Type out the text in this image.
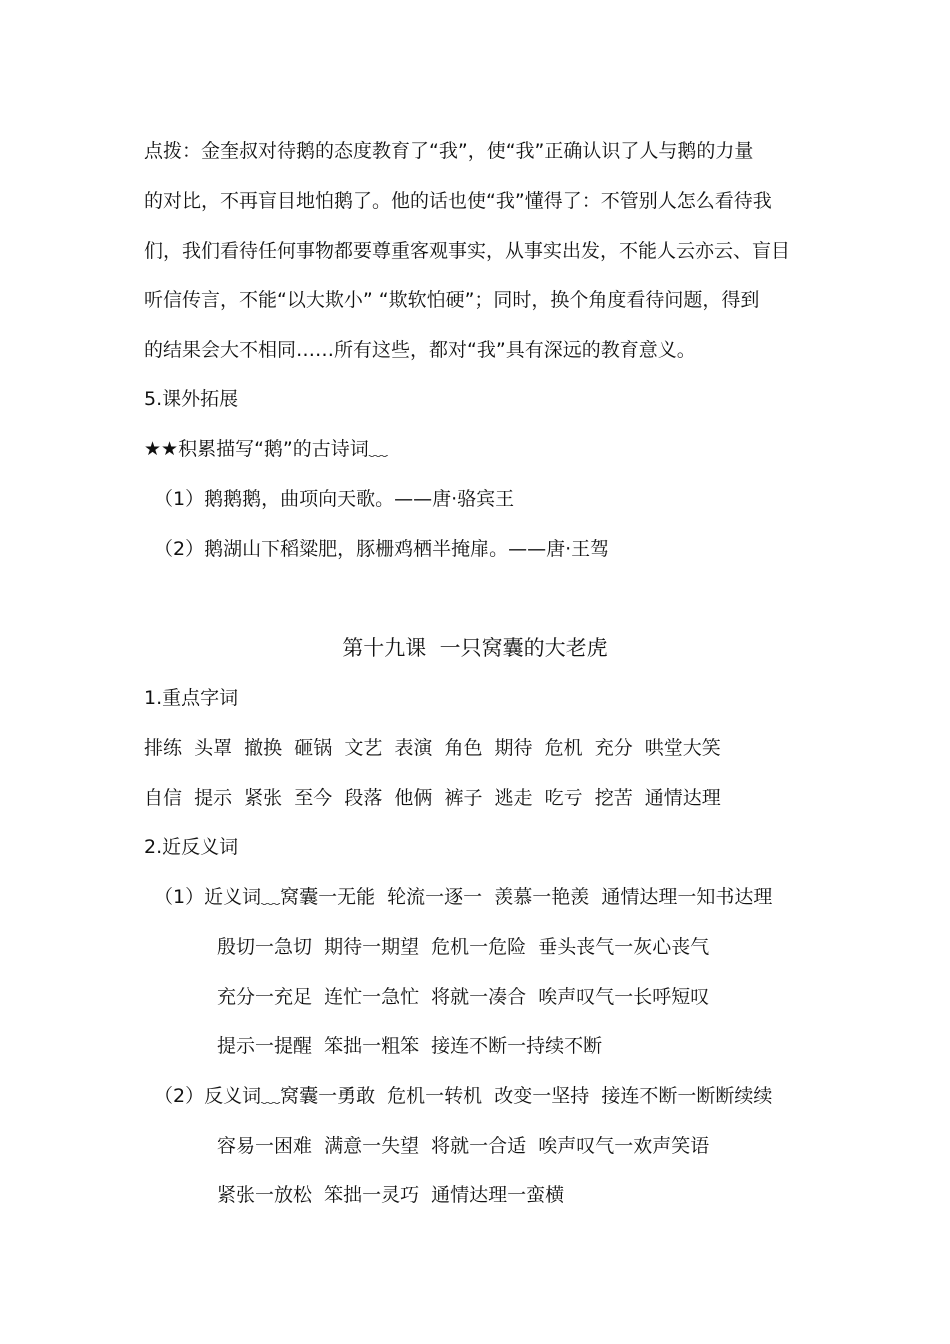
点拨：金奎叔对待鹅的态度教育了“我”，使“我”正确认识了人与鹅的力量
的对比，不再盲目地怕鹅了。他的话也使“我”懂得了：不管别人怎么看待我
们，我们看待任何事物都要尊重客观事实，从事实出发，不能人云亦云、盲目
听信传言，不能“以大欺小” “欺软怕硬”；同时，换个角度看待问题，得到
的结果会大不相同……所有这些，都对“我”具有深远的教育意义。
5.课外拓展
★★积累描写“鹅”的古诗词﹏
（1）鹅鹅鹅，曲项向天歌。——唐·骆宾王
（2）鹅湖山下稻粱肥，豚栅鸡栖半掩扉。——唐·王驾
第十九课  一只窝囊的大老虎
1.重点字词
排练  头罩  撤换  砸锅  文艺  表演  角色  期待  危机  充分  哄堂大笑
自信  提示  紧张  至今  段落  他俩  裤子  逃走  吃亏  挖苦  通情达理
2.近反义词
（1）近义词﹏窝囊一无能  轮流一逐一  羡慕一艳羡  通情达理一知书达理
殷切一急切  期待一期望  危机一危险  垂头丧气一灰心丧气
充分一充足  连忙一急忙  将就一凑合  唉声叹气一长呼短叹
提示一提醒  笨拙一粗笨  接连不断一持续不断
（2）反义词﹏窝囊一勇敢  危机一转机  改变一坚持  接连不断一断断续续
容易一困难  满意一失望  将就一合适  唉声叹气一欢声笑语
紧张一放松  笨拙一灵巧  通情达理一蛮横
